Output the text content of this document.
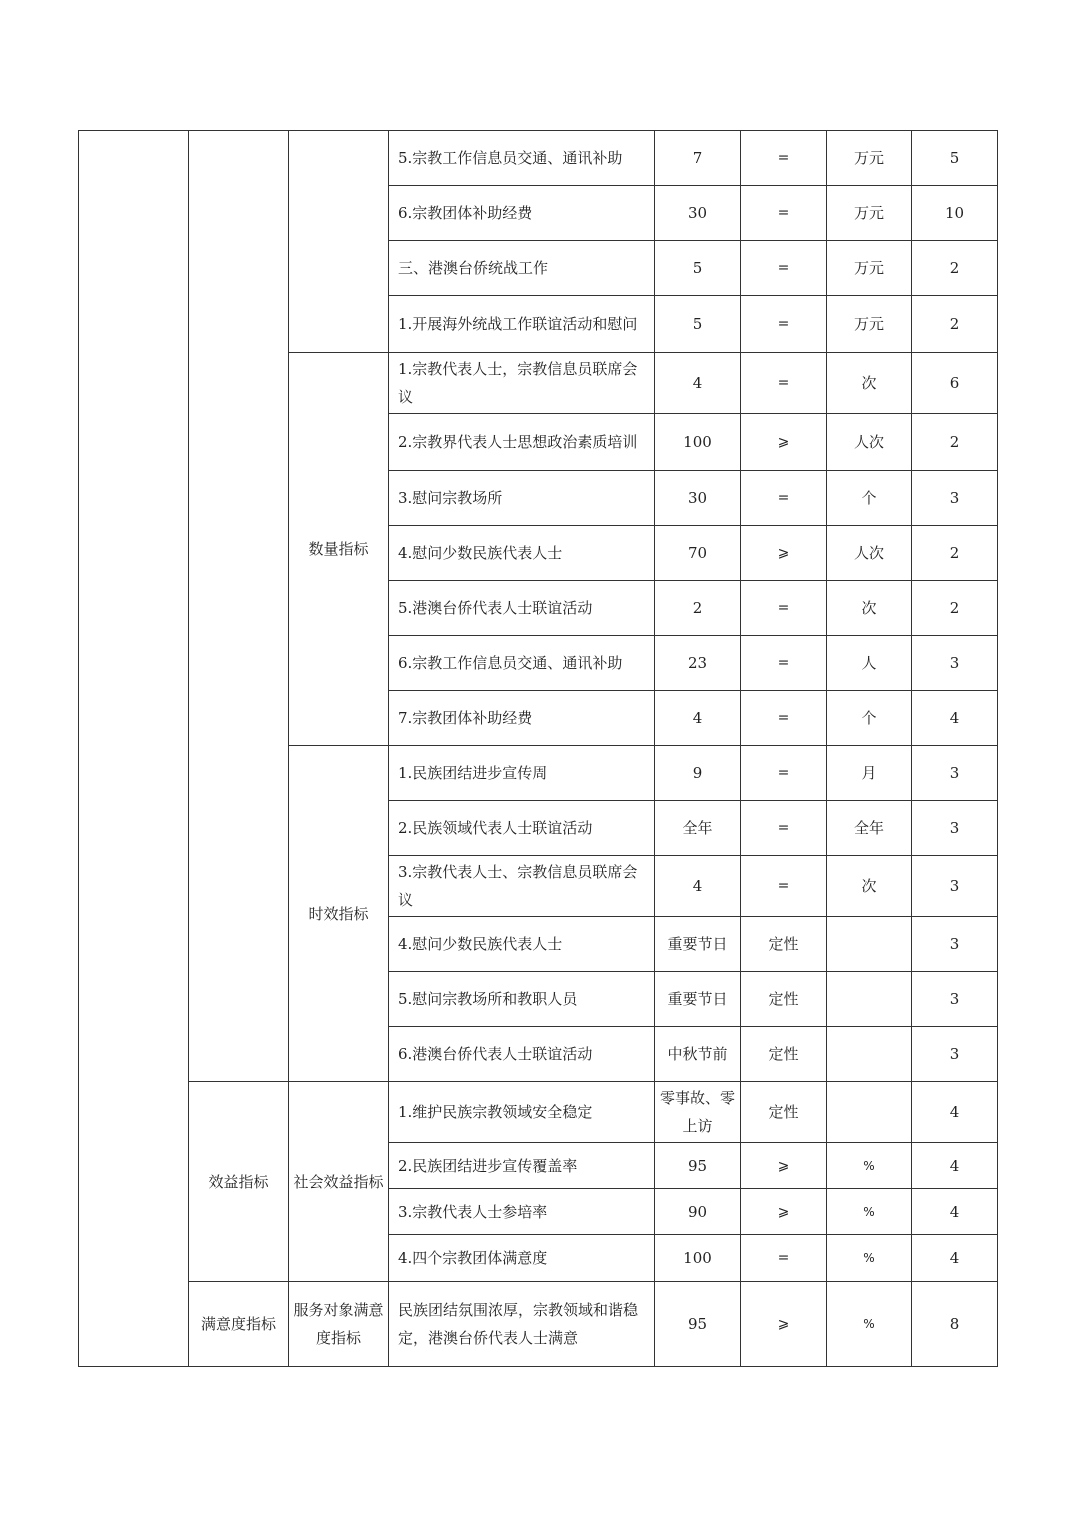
			5.宗教工作信息员交通、通讯补助	7	=	万元	5
			6.宗教团体补助经费	30	=	万元	10
			三、港澳台侨统战工作	5	=	万元	2
			1.开展海外统战工作联谊活动和慰问	5	=	万元	2
		数量指标	1.宗教代表人士，宗教信息员联席会议	4	=	次	6
			2.宗教界代表人士思想政治素质培训	100	⩾	人次	2
			3.慰问宗教场所	30	=	个	3
			4.慰问少数民族代表人士	70	⩾	人次	2
			5.港澳台侨代表人士联谊活动	2	=	次	2
			6.宗教工作信息员交通、通讯补助	23	=	人	3
			7.宗教团体补助经费	4	=	个	4
		时效指标	1.民族团结进步宣传周	9	=	月	3
			2.民族领域代表人士联谊活动	全年	=	全年	3
			3.宗教代表人士、宗教信息员联席会议	4	=	次	3
			4.慰问少数民族代表人士	重要节日	定性		3
			5.慰问宗教场所和教职人员	重要节日	定性		3
			6.港澳台侨代表人士联谊活动	中秋节前	定性		3
	效益指标	社会效益指标	1.维护民族宗教领域安全稳定	零事故、零上访	定性		4
			2.民族团结进步宣传覆盖率	95	⩾	%	4
			3.宗教代表人士参培率	90	⩾	%	4
			4.四个宗教团体满意度	100	=	%	4
	满意度指标	服务对象满意度指标	民族团结氛围浓厚，宗教领域和谐稳定，港澳台侨代表人士满意	95	⩾	%	8
